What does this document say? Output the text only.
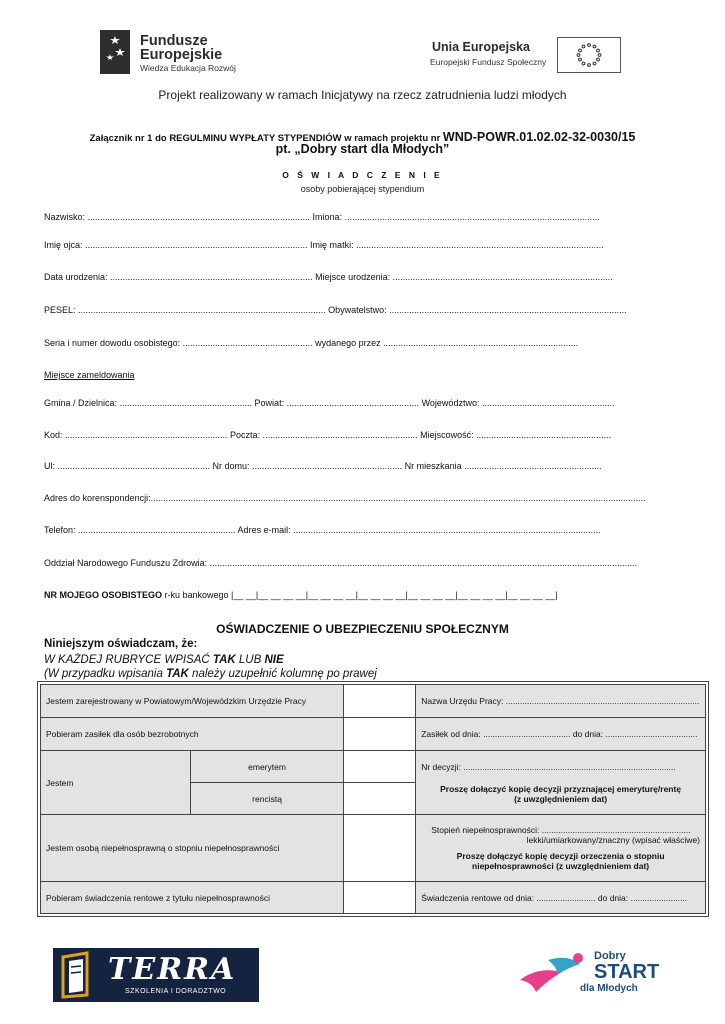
Fundusze
Europejskie
Wiedza Edukacja Rozwój
Unia Europejska
Europejski Fundusz Społeczny
Projekt realizowany w ramach Inicjatywy na rzecz zatrudnienia ludzi młodych
Załącznik nr 1 do REGULMINU WYPŁATY STYPENDIÓW w ramach projektu nr WND-POWR.01.02.02-32-0030/15
pt. „Dobry start dla Młodych”
O Ś W I A D C Z E N I E
osoby pobierającej stypendium
Nazwisko: ......................................................................................... Imiona: ......................................................................................................
Imię ojca: ......................................................................................... Imię matki: ...................................................................................................
Data urodzenia: ................................................................................. Miejsce urodzenia: ........................................................................................
PESEL: ................................................................................................... Obywatelstwo: ...............................................................................................
Seria i numer dowodu osobistego: .................................................... wydanego przez ..............................................................................
Miejsce zameldowania
Gmina / Dzielnica: ..................................................... Powiat: ..................................................... Województwo: .....................................................
Kod: ................................................................. Poczta: .............................................................. Miejscowość: ......................................................
Ul: ............................................................. Nr domu: ............................................................ Nr mieszkania .......................................................
Adres do korenspondencji:......................................................................................................................................................................................................
Telefon: ............................................................... Adres e-mail: ...........................................................................................................................
Oddział Narodowego Funduszu Zdrowia: ...........................................................................................................................................................................
NR MOJEGO OSOBISTEGO r-ku bankowego |__ __|__ __ __ __|__ __ __ __|__ __ __ __|__ __ __ __|__ __ __ __|__ __ __ __|
OŚWIADCZENIE O UBEZPIECZENIU SPOŁECZNYM
Niniejszym oświadczam, że:
W KAŻDEJ RUBRYCE WPISAĆ TAK LUB NIE
(W przypadku wpisania TAK należy uzupełnić kolumnę po prawej
Jestem zarejestrowany w Powiatowym/Wojewódzkim Urzędzie Pracy			Nazwa Urzędu Pracy: ..................................................................................
Pobieram zasiłek dla osób bezrobotnych			Zasiłek od dnia: ..................................... do dnia: .......................................
Jestem	emerytem		Nr decyzji: ..........................................................................................
Proszę dołączyć kopię decyzji przyznającej emeryturę/rentę
(z uwzględnieniem dat)

	rencistą		
Jestem osobą niepełnosprawną o stopniu niepełnosprawności			Stopień niepełnosprawności: ...............................................................
lekki/umiarkowany/znaczny (wpisać właściwe)
Proszę dołączyć kopię decyzji orzeczenia o stopniu
niepełnosprawności (z uwzględnieniem dat)

Pobieram świadczenia rentowe z tytułu niepełnosprawności			Świadczenia rentowe od dnia: ......................... do dnia: ........................
TERRA
SZKOLENIA I DORADZTWO
Dobry
START
dla Młodych
